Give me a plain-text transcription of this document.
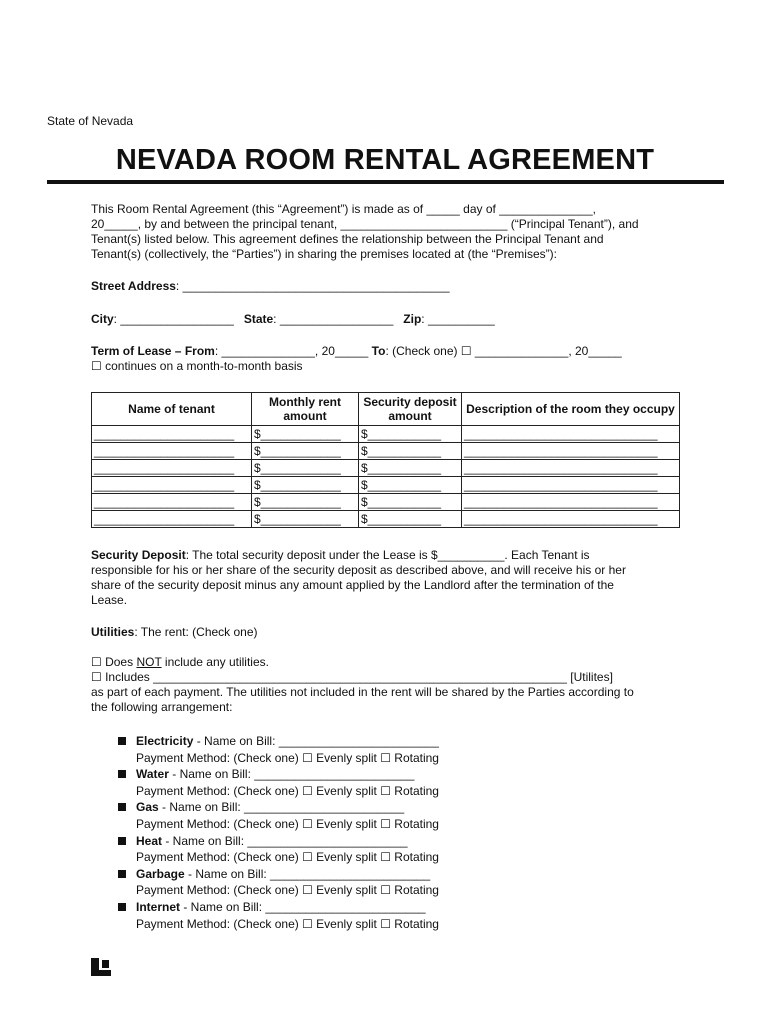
State of Nevada
NEVADA ROOM RENTAL AGREEMENT
This Room Rental Agreement (this “Agreement”) is made as of _____ day of ______________,
20_____, by and between the principal tenant, _________________________ (“Principal Tenant”), and
Tenant(s) listed below. This agreement defines the relationship between the Principal Tenant and
Tenant(s) (collectively, the “Parties”) in sharing the premises located at (the “Premises”):
Street Address: ________________________________________
City: _________________ State: _________________ Zip: __________
Term of Lease – From: ______________, 20_____ To: (Check one) ☐ ______________, 20_____
☐ continues on a month-to-month basis
Name of tenant	Monthly rent amount	Security deposit amount	Description of the room they occupy
_____________________	$____________	$___________	_____________________________
_____________________	$____________	$___________	_____________________________
_____________________	$____________	$___________	_____________________________
_____________________	$____________	$___________	_____________________________
_____________________	$____________	$___________	_____________________________
_____________________	$____________	$___________	_____________________________
Security Deposit: The total security deposit under the Lease is $__________. Each Tenant is
responsible for his or her share of the security deposit as described above, and will receive his or her
share of the security deposit minus any amount applied by the Landlord after the termination of the
Lease.
Utilities: The rent: (Check one)
☐ Does NOT include any utilities.
☐ Includes ______________________________________________________________ [Utilites]
as part of each payment. The utilities not included in the rent will be shared by the Parties according to
the following arrangement:
Electricity - Name on Bill: ________________________
Payment Method: (Check one) ☐ Evenly split ☐ Rotating
Water - Name on Bill: ________________________
Payment Method: (Check one) ☐ Evenly split ☐ Rotating
Gas - Name on Bill: ________________________
Payment Method: (Check one) ☐ Evenly split ☐ Rotating
Heat - Name on Bill: ________________________
Payment Method: (Check one) ☐ Evenly split ☐ Rotating
Garbage - Name on Bill: ________________________
Payment Method: (Check one) ☐ Evenly split ☐ Rotating
Internet - Name on Bill: ________________________
Payment Method: (Check one) ☐ Evenly split ☐ Rotating
